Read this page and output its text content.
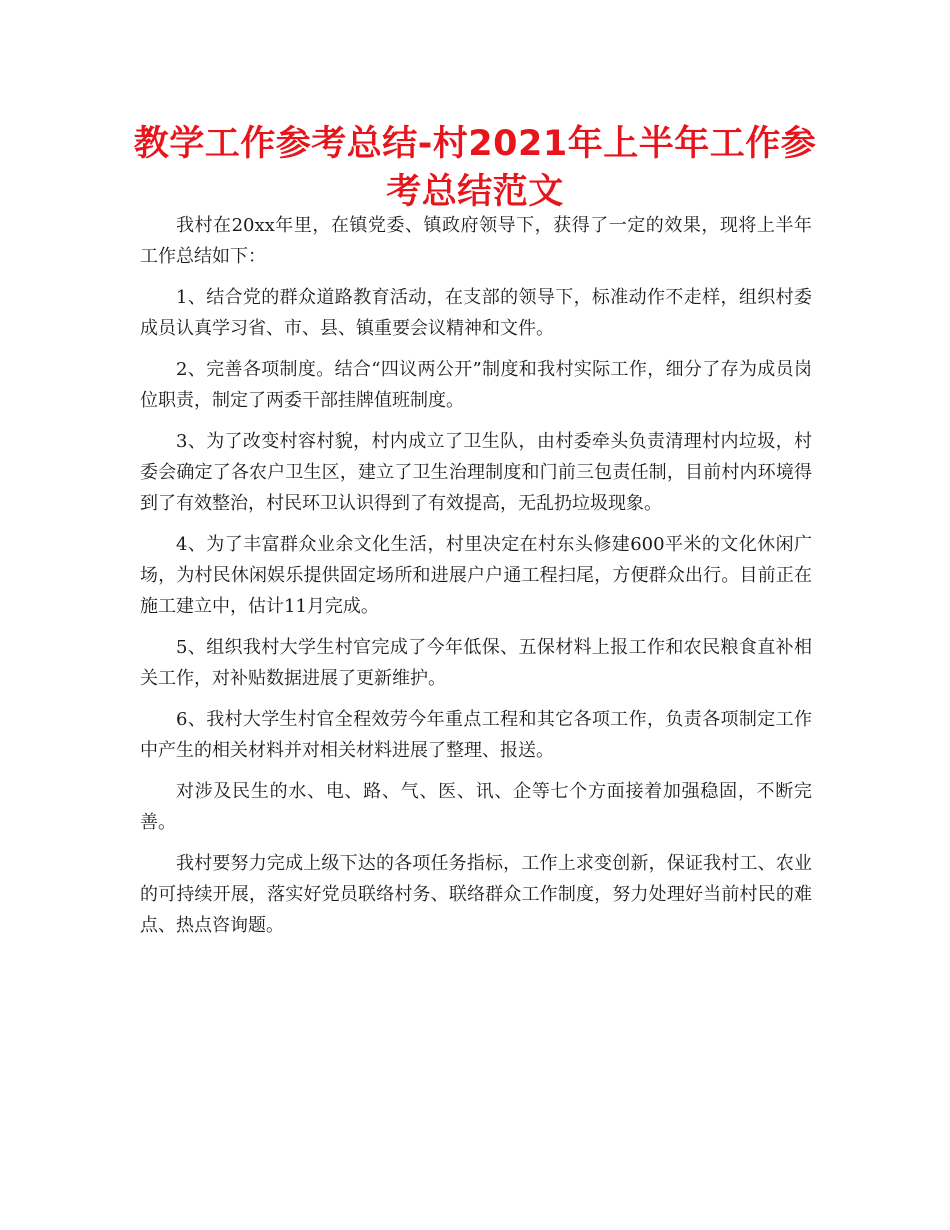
教学工作参考总结-村2021年上半年工作参考总结范文

我村在20xx年里，在镇党委、镇政府领导下，获得了一定的效果，现将上半年工作总结如下：

1、结合党的群众道路教育活动，在支部的领导下，标准动作不走样，组织村委成员认真学习省、市、县、镇重要会议精神和文件。

2、完善各项制度。结合“四议两公开”制度和我村实际工作，细分了存为成员岗位职责，制定了两委干部挂牌值班制度。

3、为了改变村容村貌，村内成立了卫生队，由村委牵头负责清理村内垃圾，村委会确定了各农户卫生区，建立了卫生治理制度和门前三包责任制，目前村内环境得到了有效整治，村民环卫认识得到了有效提高，无乱扔垃圾现象。

4、为了丰富群众业余文化生活，村里决定在村东头修建600平米的文化休闲广场，为村民休闲娱乐提供固定场所和进展户户通工程扫尾，方便群众出行。目前正在施工建立中，估计11月完成。

5、组织我村大学生村官完成了今年低保、五保材料上报工作和农民粮食直补相关工作，对补贴数据进展了更新维护。

6、我村大学生村官全程效劳今年重点工程和其它各项工作，负责各项制定工作中产生的相关材料并对相关材料进展了整理、报送。

对涉及民生的水、电、路、气、医、讯、企等七个方面接着加强稳固，不断完善。

我村要努力完成上级下达的各项任务指标，工作上求变创新，保证我村工、农业的可持续开展，落实好党员联络村务、联络群众工作制度，努力处理好当前村民的难点、热点咨询题。
